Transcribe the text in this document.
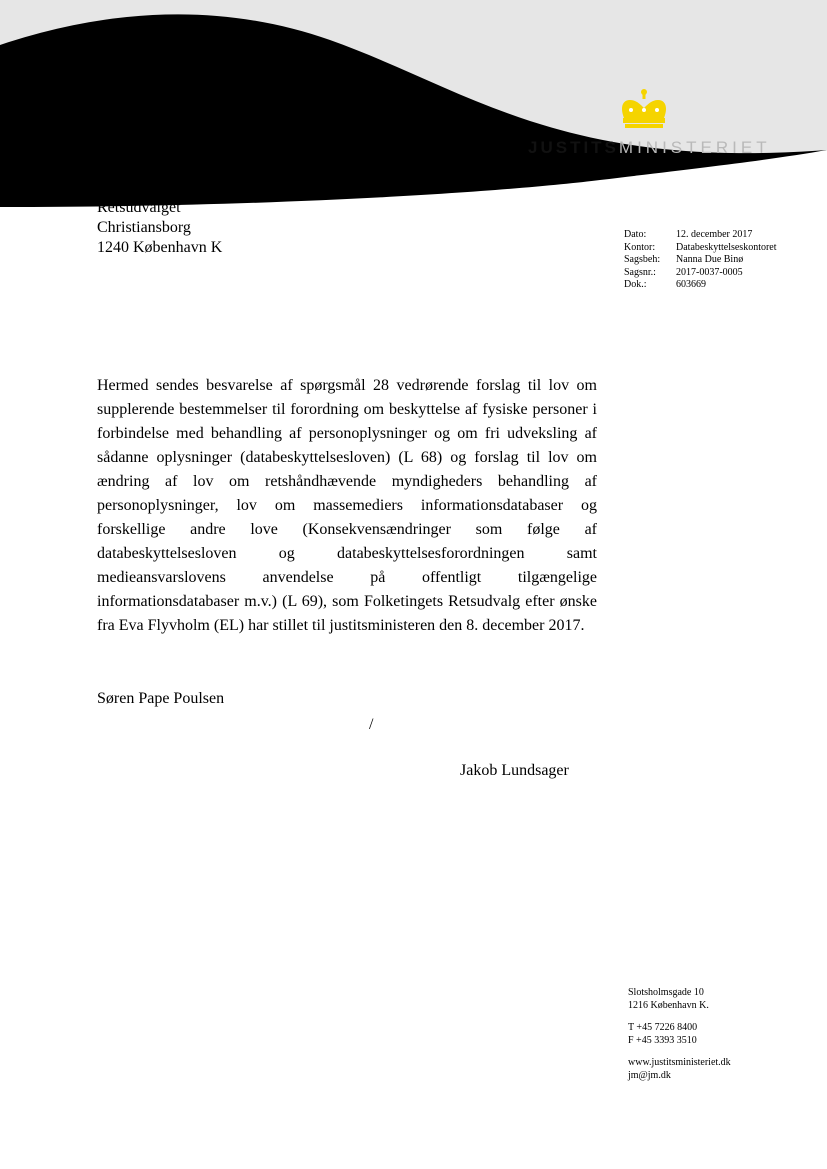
JUSTITSMINISTERIET
Retsudvalget
Christiansborg
1240 København K
Dato:	12. december 2017
Kontor:	Databeskyttelseskontoret
Sagsbeh:	Nanna Due Binø
Sagsnr.:	2017-0037-0005
Dok.:	603669
Hermed sendes besvarelse af spørgsmål 28 vedrørende forslag til lov om supplerende bestemmelser til forordning om beskyttelse af fysiske personer i forbindelse med behandling af personoplysninger og om fri udveksling af sådanne oplysninger (databeskyttelsesloven) (L 68) og forslag til lov om ændring af lov om retshåndhævende myndigheders behandling af personoplysninger, lov om massemediers informationsdatabaser og forskellige andre love (Konsekvensændringer som følge af databeskyttelsesloven og databeskyttelsesforordningen samt medieansvarslovens anvendelse på offentligt tilgængelige informationsdatabaser m.v.) (L 69), som Folketingets Retsudvalg efter ønske fra Eva Flyvholm (EL) har stillet til justitsministeren den 8. december 2017.
Søren Pape Poulsen
/
Jakob Lundsager
Slotsholmsgade 10
1216 København K.
T +45 7226 8400
F +45 3393 3510
www.justitsministeriet.dk
jm@jm.dk
